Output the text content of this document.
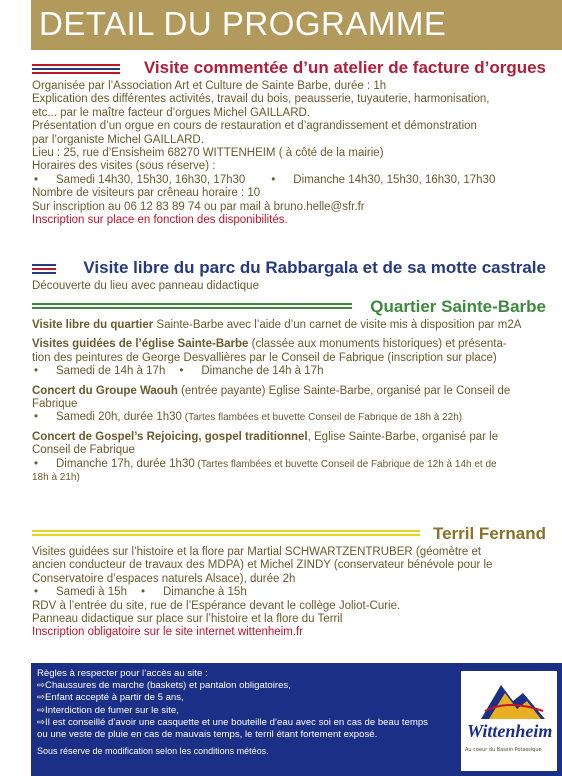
DETAIL DU PROGRAMME
Visite commentée d’un atelier de facture d’orgues

Organisée par l’Association Art et Culture de Sainte Barbe, durée : 1h

Explication des différentes activités, travail du bois, peausserie, tuyauterie, harmonisation,

etc... par le maître facteur d’orgues Michel GAILLARD.

Présentation d’un orgue en cours de restauration et d’agrandissement et démonstration

par l’organiste Michel GAILLARD.

Lieu : 25, rue d’Ensisheim 68270 WITTENHEIM ( à côté de la mairie)

Horaires des visites (sous réserve) :

• Samedi 14h30, 15h30, 16h30, 17h30 • Dimanche 14h30, 15h30, 16h30, 17h30

Nombre de visiteurs par crêneau horaire : 10

Sur inscription au 06 12 83 89 74 ou par mail à bruno.helle@sfr.fr

Inscription sur place en fonction des disponibilités.

Visite libre du parc du Rabbargala et de sa motte castrale

Découverte du lieu avec panneau didactique

Quartier Sainte-Barbe

Visite libre du quartier Sainte-Barbe avec l’aide d’un carnet de visite mis à disposition par m2A

Visites guidées de l’église Sainte-Barbe (classée aux monuments historiques) et présenta-

tion des peintures de George Desvallières par le Conseil de Fabrique (inscription sur place)

• Samedi de 14h à 17h • Dimanche de 14h à 17h

Concert du Groupe Waouh (entrée payante) Eglise Sainte-Barbe, organisé par le Conseil de

Fabrique

• Samedi 20h, durée 1h30 (Tartes flambées et buvette Conseil de Fabrique de 18h à 22h)

Concert de Gospel’s Rejoicing, gospel traditionnel, Eglise Sainte-Barbe, organisé par le

Conseil de Fabrique

• Dimanche 17h, durée 1h30 (Tartes flambées et buvette Conseil de Fabrique de 12h à 14h et de

18h à 21h)

Terril Fernand

Visites guidées sur l’histoire et la flore par Martial SCHWARTZENTRUBER (géomètre et

ancien conducteur de travaux des MDPA) et Michel ZINDY (conservateur bénévole pour le

Conservatoire d’espaces naturels Alsace), durée 2h

• Samedi à 15h • Dimanche à 15h

RDV à l’entrée du site, rue de l’Espérance devant le collège Joliot-Curie.

Panneau didactique sur place sur l’histoire et la flore du Terril

Inscription obligatoire sur le site internet wittenheim.fr

Règles à respecter pour l’accès au site :

⇨Chaussures de marche (baskets) et pantalon obligatoires,

⇨Enfant accepté à partir de 5 ans,

⇨Interdiction de fumer sur le site,

⇨Il est conseillé d’avoir une casquette et une bouteille d’eau avec soi en cas de beau temps

ou une veste de pluie en cas de mauvais temps, le terril étant fortement exposé.

Sous réserve de modification selon les conditions météos.

Wittenheim
Au coeur du Bassin Potassique
